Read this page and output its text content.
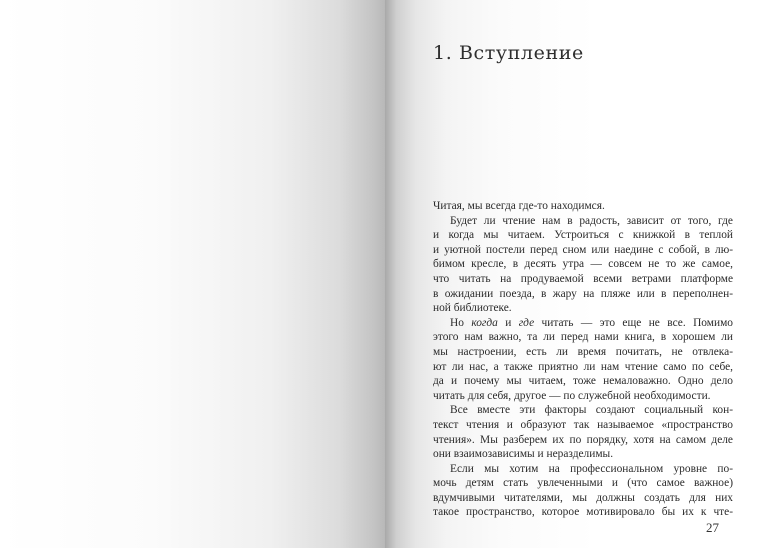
1. Вступление
Читая, мы всегда где-то находимся.
Будет ли чтение нам в радость, зависит от того, где
и когда мы читаем. Устроиться с книжкой в теплой
и уютной постели перед сном или наедине с собой, в лю-
бимом кресле, в десять утра — совсем не то же самое,
что читать на продуваемой всеми ветрами платформе
в ожидании поезда, в жару на пляже или в переполнен-
ной библиотеке.
Но когда и где читать — это еще не все. Помимо
этого нам важно, та ли перед нами книга, в хорошем ли
мы настроении, есть ли время почитать, не отвлека-
ют ли нас, а также приятно ли нам чтение само по себе,
да и почему мы читаем, тоже немаловажно. Одно дело
читать для себя, другое — по служебной необходимости.
Все вместе эти факторы создают социальный кон-
текст чтения и образуют так называемое «пространство
чтения». Мы разберем их по порядку, хотя на самом деле
они взаимозависимы и неразделимы.
Если мы хотим на профессиональном уровне по-
мочь детям стать увлеченными и (что самое важное)
вдумчивыми читателями, мы должны создать для них
такое пространство, которое мотивировало бы их к чте-
27
